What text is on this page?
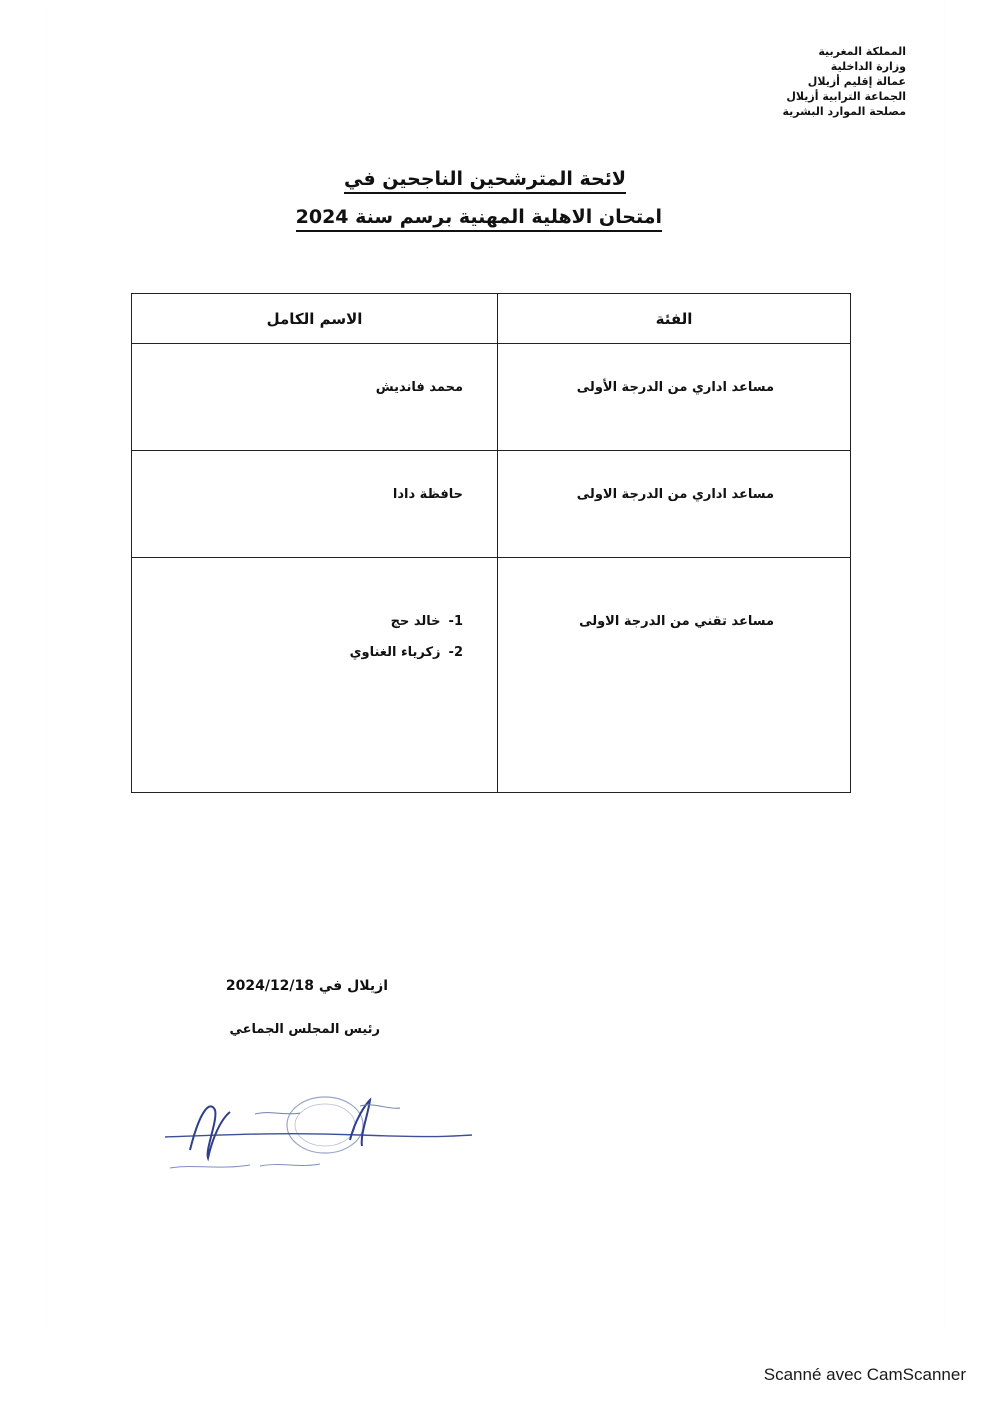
المملكة المغربية
وزارة الداخلية
عمالة إقليم أزيلال
الجماعة الترابية أزيلال
مصلحة الموارد البشرية
لائحة المترشحين الناجحين في
امتحان الاهلية المهنية برسم سنة 2024
الفئة	الاسم الكامل
مساعد اداري من الدرجة الأولى	محمد فانديش

مساعد اداري من الدرجة الاولى	حافظة دادا

مساعد تقني من الدرجة الاولى	1-خالد حج
2-زكرياء الغناوي
ازيلال في 2024/12/18
رئيس المجلس الجماعي
Scanné avec CamScanner
